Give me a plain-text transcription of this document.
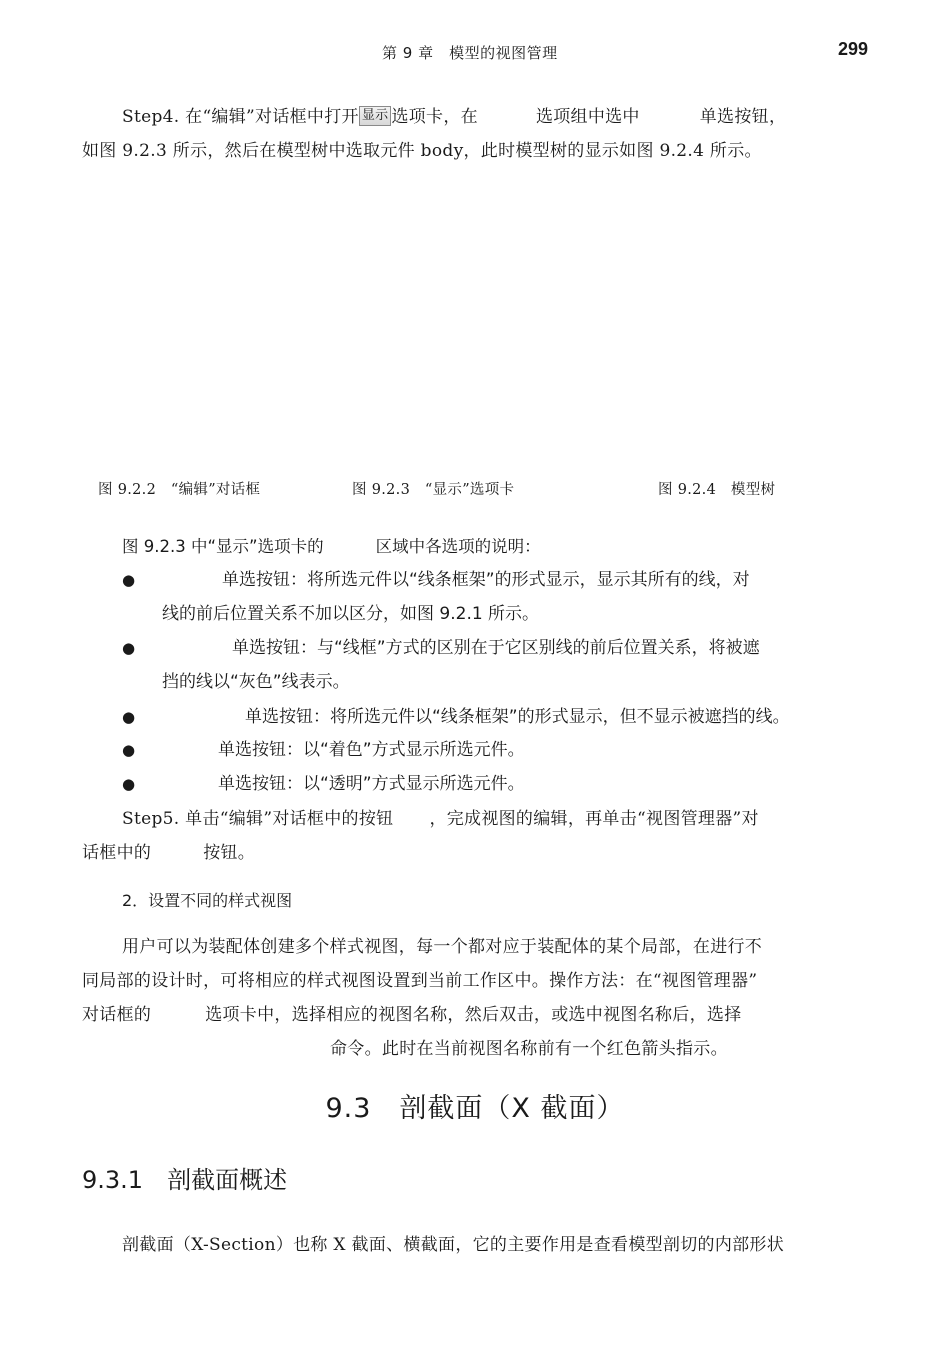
第 9 章　模型的视图管理	299
Step4. 在“编辑”对话框中打开 显示 选项卡，在	选项组中选中	单选按钮，
如图 9.2.3 所示，然后在模型树中选取元件 body，此时模型树的显示如图 9.2.4 所示。
图 9.2.2　“编辑”对话框	图 9.2.3　“显示”选项卡	图 9.2.4　模型树
图 9.2.3 中“显示”选项卡的	区域中各选项的说明：
●	单选按钮：将所选元件以“线条框架”的形式显示，显示其所有的线，对
线的前后位置关系不加以区分，如图 9.2.1 所示。
●	单选按钮：与“线框”方式的区别在于它区别线的前后位置关系，将被遮
挡的线以“灰色”线表示。
●	单选按钮：将所选元件以“线条框架”的形式显示，但不显示被遮挡的线。
●	单选按钮：以“着色”方式显示所选元件。
●	单选按钮：以“透明”方式显示所选元件。
Step5. 单击“编辑”对话框中的按钮 ，完成视图的编辑，再单击“视图管理器”对
话框中的	按钮。
2．设置不同的样式视图
用户可以为装配体创建多个样式视图，每一个都对应于装配体的某个局部，在进行不
同局部的设计时，可将相应的样式视图设置到当前工作区中。操作方法：在“视图管理器”
对话框的	选项卡中，选择相应的视图名称，然后双击，或选中视图名称后，选择
命令。此时在当前视图名称前有一个红色箭头指示。
9.3　剖截面（X 截面）
9.3.1　剖截面概述
剖截面（X-Section）也称 X 截面、横截面，它的主要作用是查看模型剖切的内部形状
